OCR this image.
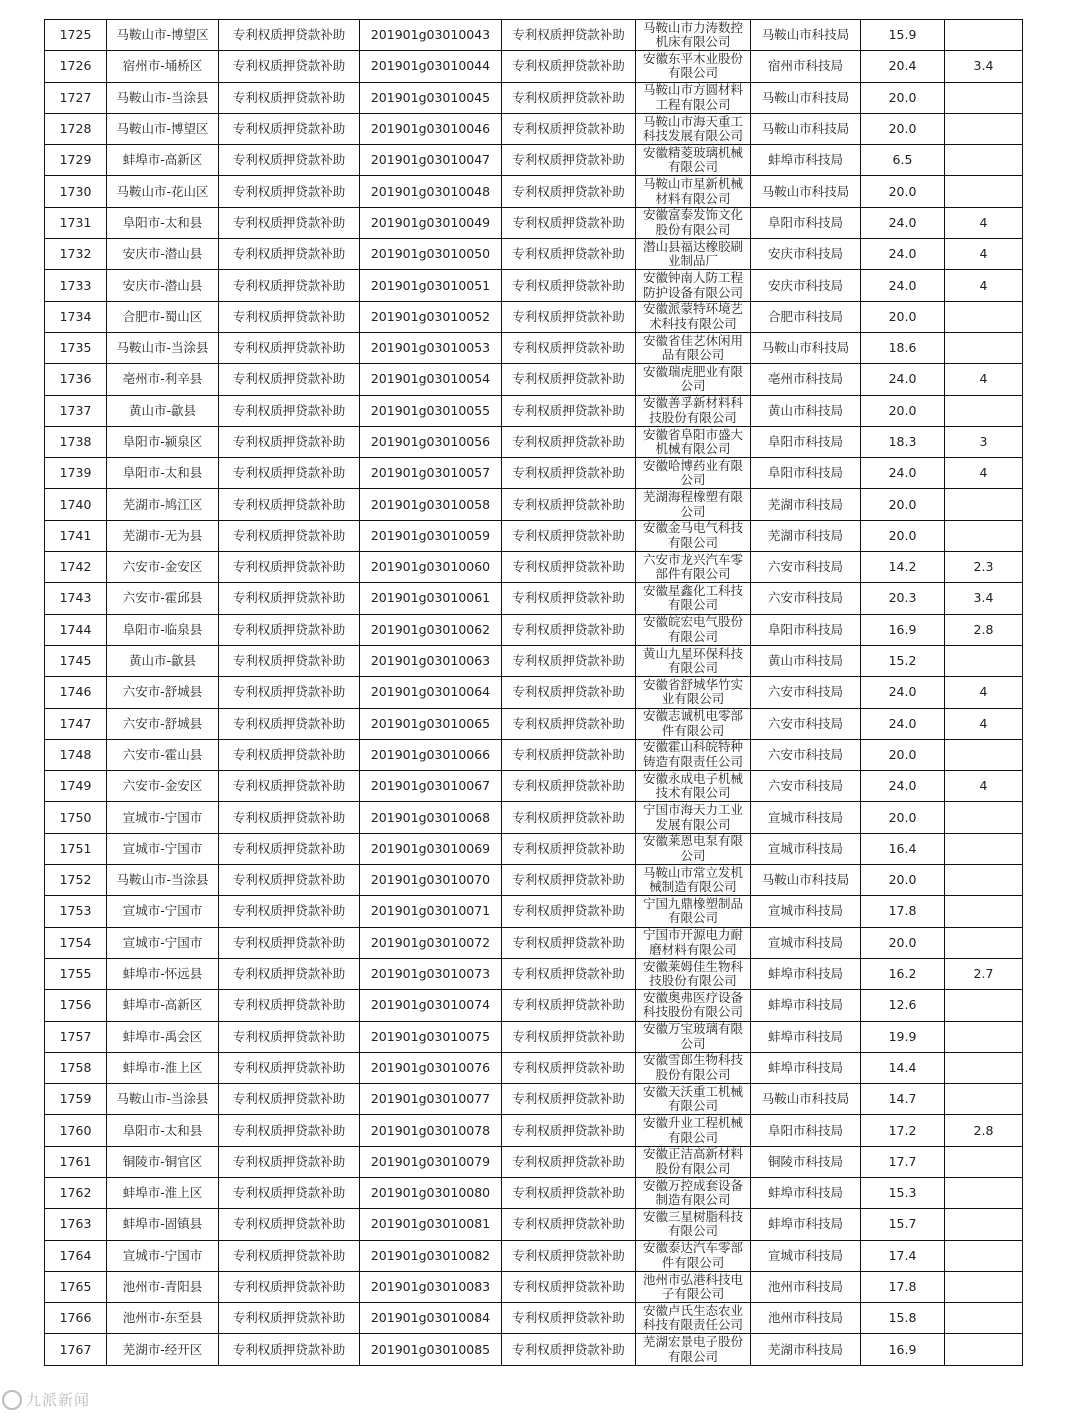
1725	马鞍山市-博望区	专利权质押贷款补助	201901g03010043	专利权质押贷款补助	马鞍山市力涛数控机床有限公司	马鞍山市科技局	15.9	
1726	宿州市-埇桥区	专利权质押贷款补助	201901g03010044	专利权质押贷款补助	安徽东平木业股份有限公司	宿州市科技局	20.4	3.4
1727	马鞍山市-当涂县	专利权质押贷款补助	201901g03010045	专利权质押贷款补助	马鞍山市方圆材料工程有限公司	马鞍山市科技局	20.0	
1728	马鞍山市-博望区	专利权质押贷款补助	201901g03010046	专利权质押贷款补助	马鞍山市海天重工科技发展有限公司	马鞍山市科技局	20.0	
1729	蚌埠市-高新区	专利权质押贷款补助	201901g03010047	专利权质押贷款补助	安徽精菱玻璃机械有限公司	蚌埠市科技局	6.5	
1730	马鞍山市-花山区	专利权质押贷款补助	201901g03010048	专利权质押贷款补助	马鞍山市星新机械材料有限公司	马鞍山市科技局	20.0	
1731	阜阳市-太和县	专利权质押贷款补助	201901g03010049	专利权质押贷款补助	安徽富泰发饰文化股份有限公司	阜阳市科技局	24.0	4
1732	安庆市-潜山县	专利权质押贷款补助	201901g03010050	专利权质押贷款补助	潜山县福达橡胶刷业制品厂	安庆市科技局	24.0	4
1733	安庆市-潜山县	专利权质押贷款补助	201901g03010051	专利权质押贷款补助	安徽钟南人防工程防护设备有限公司	安庆市科技局	24.0	4
1734	合肥市-蜀山区	专利权质押贷款补助	201901g03010052	专利权质押贷款补助	安徽派蒙特环境艺术科技有限公司	合肥市科技局	20.0	
1735	马鞍山市-当涂县	专利权质押贷款补助	201901g03010053	专利权质押贷款补助	安徽省佳艺休闲用品有限公司	马鞍山市科技局	18.6	
1736	亳州市-利辛县	专利权质押贷款补助	201901g03010054	专利权质押贷款补助	安徽瑞虎肥业有限公司	亳州市科技局	24.0	4
1737	黄山市-歙县	专利权质押贷款补助	201901g03010055	专利权质押贷款补助	安徽善孚新材料科技股份有限公司	黄山市科技局	20.0	
1738	阜阳市-颍泉区	专利权质押贷款补助	201901g03010056	专利权质押贷款补助	安徽省阜阳市盛大机械有限公司	阜阳市科技局	18.3	3
1739	阜阳市-太和县	专利权质押贷款补助	201901g03010057	专利权质押贷款补助	安徽哈博药业有限公司	阜阳市科技局	24.0	4
1740	芜湖市-鸠江区	专利权质押贷款补助	201901g03010058	专利权质押贷款补助	芜湖海程橡塑有限公司	芜湖市科技局	20.0	
1741	芜湖市-无为县	专利权质押贷款补助	201901g03010059	专利权质押贷款补助	安徽金马电气科技有限公司	芜湖市科技局	20.0	
1742	六安市-金安区	专利权质押贷款补助	201901g03010060	专利权质押贷款补助	六安市龙兴汽车零部件有限公司	六安市科技局	14.2	2.3
1743	六安市-霍邱县	专利权质押贷款补助	201901g03010061	专利权质押贷款补助	安徽星鑫化工科技有限公司	六安市科技局	20.3	3.4
1744	阜阳市-临泉县	专利权质押贷款补助	201901g03010062	专利权质押贷款补助	安徽皖宏电气股份有限公司	阜阳市科技局	16.9	2.8
1745	黄山市-歙县	专利权质押贷款补助	201901g03010063	专利权质押贷款补助	黄山九星环保科技有限公司	黄山市科技局	15.2	
1746	六安市-舒城县	专利权质押贷款补助	201901g03010064	专利权质押贷款补助	安徽省舒城华竹实业有限公司	六安市科技局	24.0	4
1747	六安市-舒城县	专利权质押贷款补助	201901g03010065	专利权质押贷款补助	安徽志诚机电零部件有限公司	六安市科技局	24.0	4
1748	六安市-霍山县	专利权质押贷款补助	201901g03010066	专利权质押贷款补助	安徽霍山科皖特种铸造有限责任公司	六安市科技局	20.0	
1749	六安市-金安区	专利权质押贷款补助	201901g03010067	专利权质押贷款补助	安徽永成电子机械技术有限公司	六安市科技局	24.0	4
1750	宣城市-宁国市	专利权质押贷款补助	201901g03010068	专利权质押贷款补助	宁国市海天力工业发展有限公司	宣城市科技局	20.0	
1751	宣城市-宁国市	专利权质押贷款补助	201901g03010069	专利权质押贷款补助	安徽莱恩电泵有限公司	宣城市科技局	16.4	
1752	马鞍山市-当涂县	专利权质押贷款补助	201901g03010070	专利权质押贷款补助	马鞍山市常立发机械制造有限公司	马鞍山市科技局	20.0	
1753	宣城市-宁国市	专利权质押贷款补助	201901g03010071	专利权质押贷款补助	宁国九鼎橡塑制品有限公司	宣城市科技局	17.8	
1754	宣城市-宁国市	专利权质押贷款补助	201901g03010072	专利权质押贷款补助	宁国市开源电力耐磨材料有限公司	宣城市科技局	20.0	
1755	蚌埠市-怀远县	专利权质押贷款补助	201901g03010073	专利权质押贷款补助	安徽莱姆佳生物科技股份有限公司	蚌埠市科技局	16.2	2.7
1756	蚌埠市-高新区	专利权质押贷款补助	201901g03010074	专利权质押贷款补助	安徽奥弗医疗设备科技股份有限公司	蚌埠市科技局	12.6	
1757	蚌埠市-禹会区	专利权质押贷款补助	201901g03010075	专利权质押贷款补助	安徽万宝玻璃有限公司	蚌埠市科技局	19.9	
1758	蚌埠市-淮上区	专利权质押贷款补助	201901g03010076	专利权质押贷款补助	安徽雪郎生物科技股份有限公司	蚌埠市科技局	14.4	
1759	马鞍山市-当涂县	专利权质押贷款补助	201901g03010077	专利权质押贷款补助	安徽天沃重工机械有限公司	马鞍山市科技局	14.7	
1760	阜阳市-太和县	专利权质押贷款补助	201901g03010078	专利权质押贷款补助	安徽升业工程机械有限公司	阜阳市科技局	17.2	2.8
1761	铜陵市-铜官区	专利权质押贷款补助	201901g03010079	专利权质押贷款补助	安徽正洁高新材料股份有限公司	铜陵市科技局	17.7	
1762	蚌埠市-淮上区	专利权质押贷款补助	201901g03010080	专利权质押贷款补助	安徽万控成套设备制造有限公司	蚌埠市科技局	15.3	
1763	蚌埠市-固镇县	专利权质押贷款补助	201901g03010081	专利权质押贷款补助	安徽三星树脂科技有限公司	蚌埠市科技局	15.7	
1764	宣城市-宁国市	专利权质押贷款补助	201901g03010082	专利权质押贷款补助	安徽泰达汽车零部件有限公司	宣城市科技局	17.4	
1765	池州市-青阳县	专利权质押贷款补助	201901g03010083	专利权质押贷款补助	池州市弘港科技电子有限公司	池州市科技局	17.8	
1766	池州市-东至县	专利权质押贷款补助	201901g03010084	专利权质押贷款补助	安徽卢氏生态农业科技有限责任公司	池州市科技局	15.8	
1767	芜湖市-经开区	专利权质押贷款补助	201901g03010085	专利权质押贷款补助	芜湖宏景电子股份有限公司	芜湖市科技局	16.9	
九派新闻
